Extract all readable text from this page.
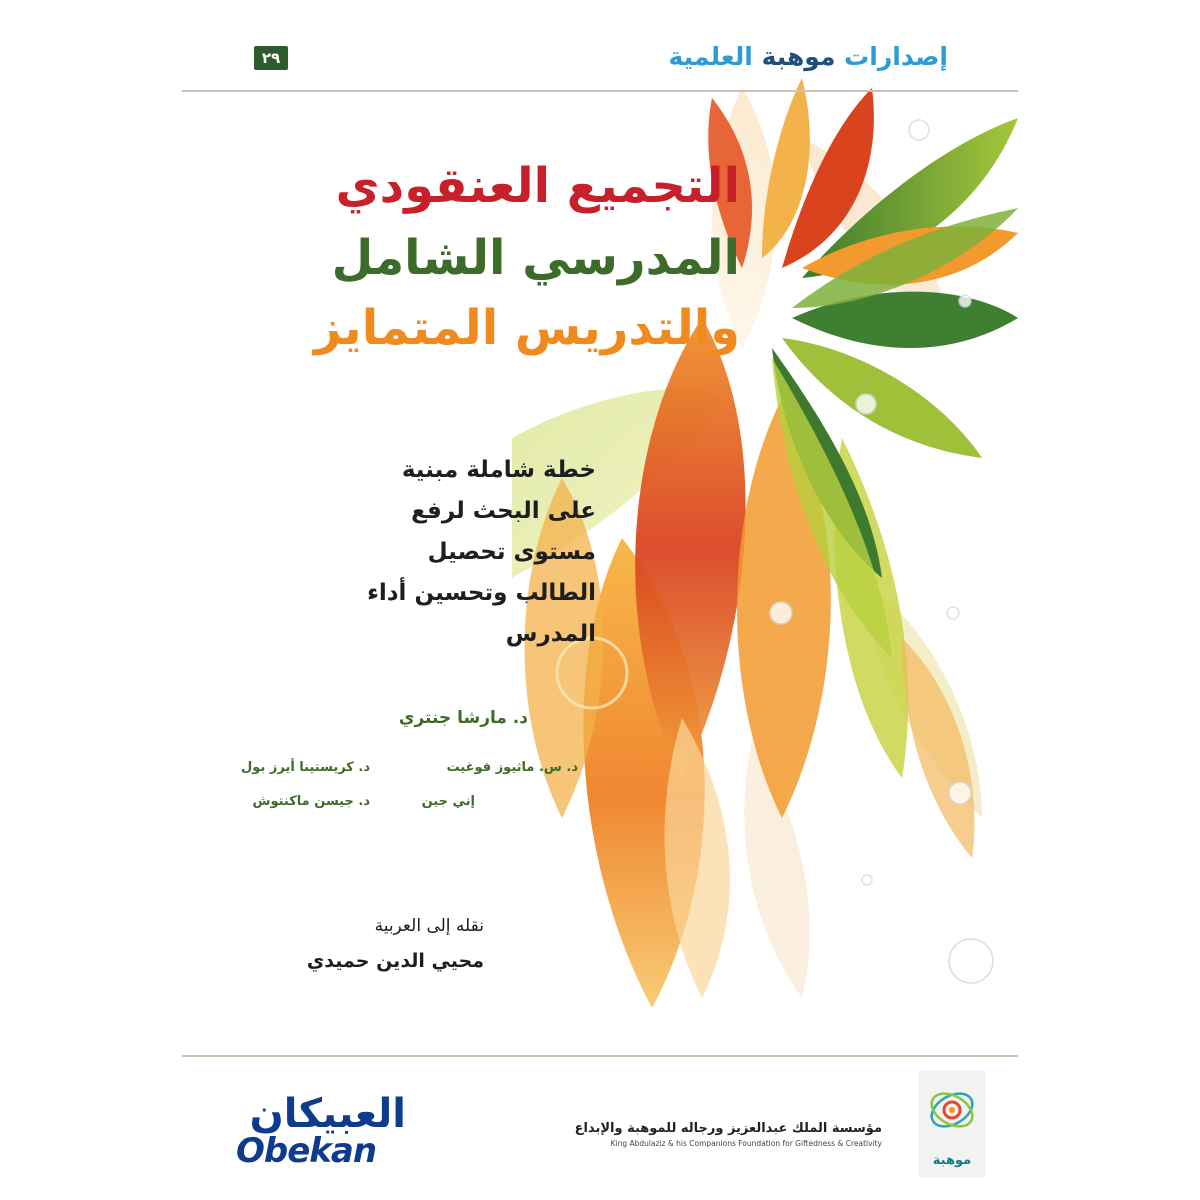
إصدارات موهبة العلمية
٢٩
التجميع العنقودي
المدرسي الشامل
والتدريس المتمايز
خطة شاملة مبنية
على البحث لرفع
مستوى تحصيل
الطالب وتحسين أداء
المدرس
د. مارشا جنتري
د. س. ماثيوز فوغيت
د. كريستينا أيرز بول
إني جين
د. جيسن ماكنتوش
نقله إلى العربية
محيي الدين حميدي
العبيكان
Obekan
مؤسسة الملك عبدالعزيز ورجاله للموهبة والإبداع
King Abdulaziz & his Companions Foundation for Giftedness & Creativity
موهبة
